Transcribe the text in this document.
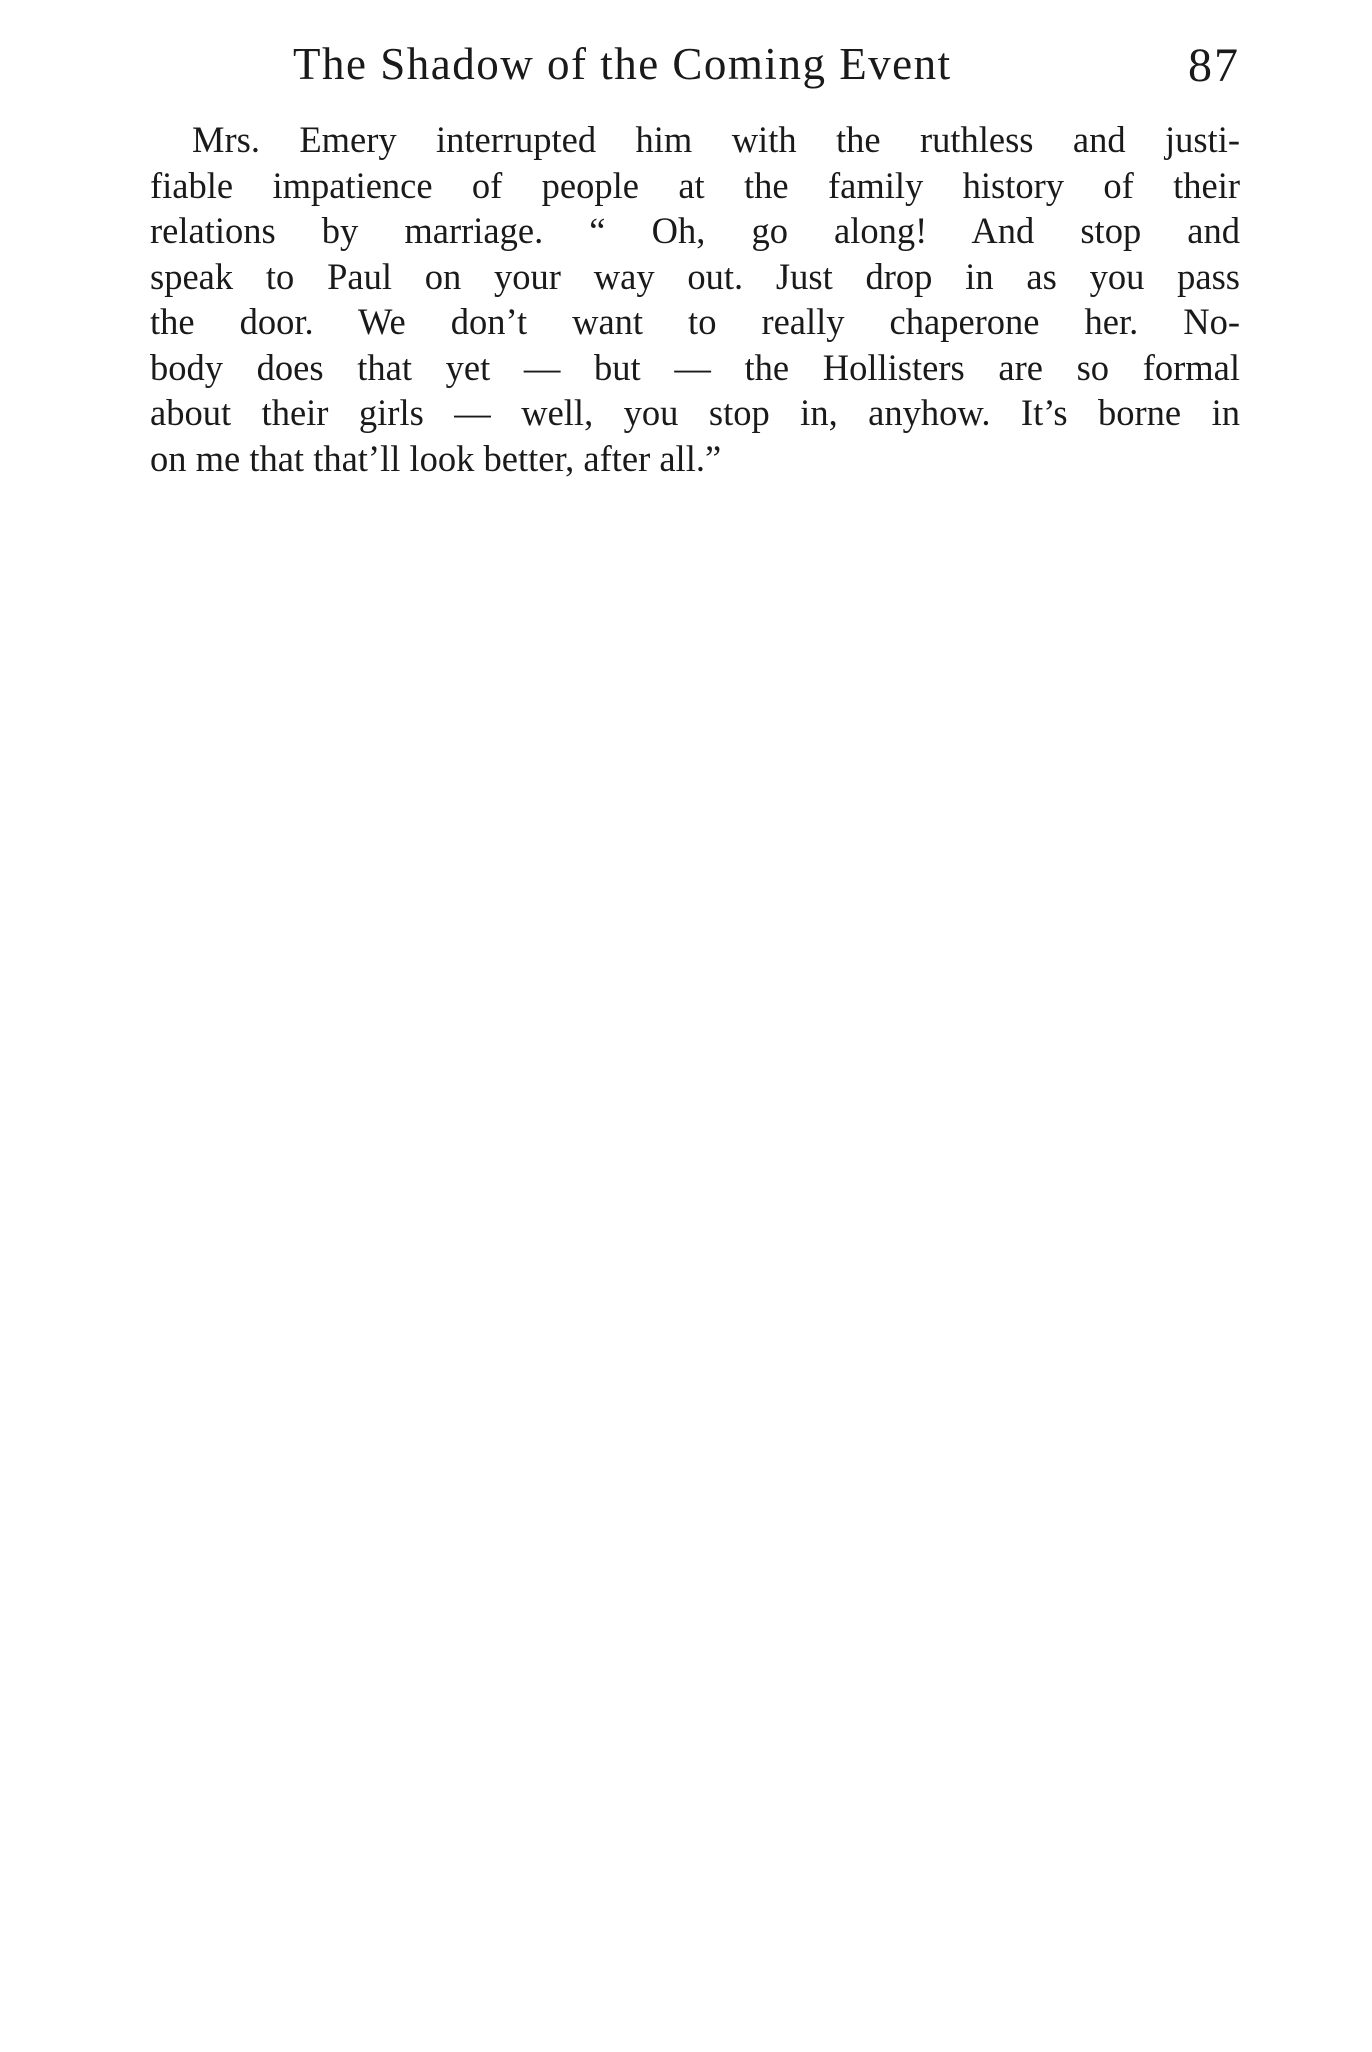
The Shadow of the Coming Event	87
Mrs. Emery interrupted him with the ruthless and justi-
fiable impatience of people at the family history of their
relations by marriage. “ Oh, go along! And stop and
speak to Paul on your way out. Just drop in as you pass
the door. We don’t want to really chaperone her. No-
body does that yet — but — the Hollisters are so formal
about their girls — well, you stop in, anyhow. It’s borne in
on me that that’ll look better, after all.”
